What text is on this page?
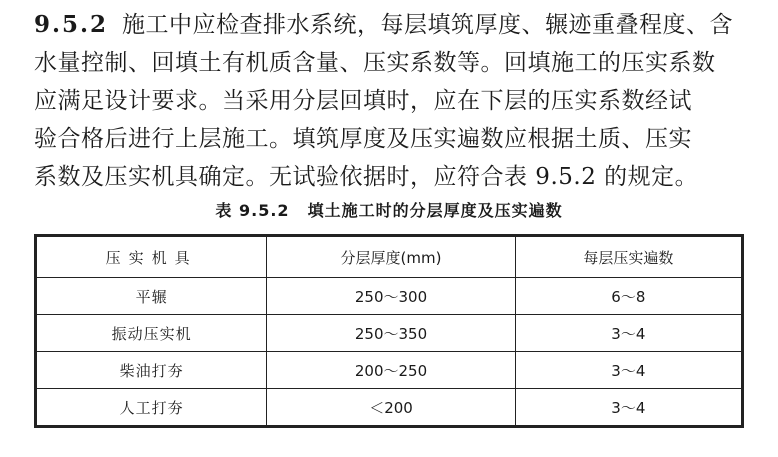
9.5.2 施工中应检查排水系统，每层填筑厚度、辗迹重叠程度、含
水量控制、回填土有机质含量、压实系数等。回填施工的压实系数
应满足设计要求。当采用分层回填时，应在下层的压实系数经试
验合格后进行上层施工。填筑厚度及压实遍数应根据土质、压实
系数及压实机具确定。无试验依据时，应符合表 9.5.2 的规定。
表 9.5.2 填土施工时的分层厚度及压实遍数
压实机具	分层厚度(mm)	每层压实遍数
平辗	250～300	6～8
振动压实机	250～350	3～4
柴油打夯	200～250	3～4
人工打夯	＜200	3～4
